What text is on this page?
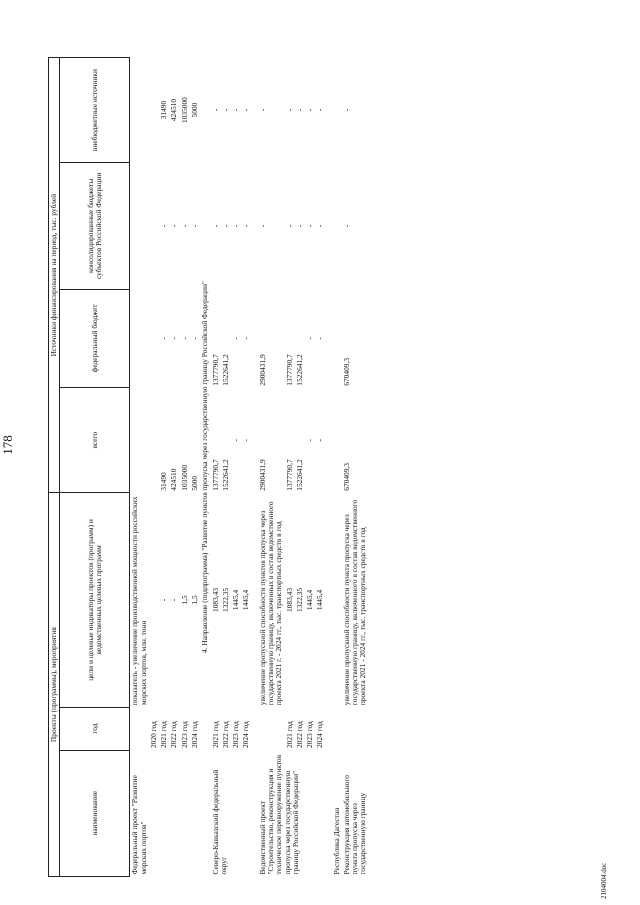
178
Проекты (программы), мероприятия			Источники финансирования на период, тыс. рублей			
наименование	год	цели и целевые индикаторы проектов (программ) и ведомственных целевых программ	всего	федеральный бюджет	консолидированные бюджеты субъектов Российской Федерации	внебюджетные источники
Федеральный проект "Развитие морских портов"		показатель - увеличение производственной мощности российских морских портов, млн. тонн				
	2020 год					
	2021 год	-	31490	-	-	31490
	2022 год	-	424510	-	-	424510
	2023 год	1,5	1035000	-	-	1035000
	2024 год	1,5	5000	-	-	5000
4. Направление (подпрограмма) "Развитие пунктов пропуска через государственную границу Российской Федерации"						
Северо-Кавказский федеральный округ	2021 год	1083,43	1377790,7	1377790,7	-	-
	2022 год	1322,35	1522641,2	1522641,2	-	-
	2023 год	1445,4	-	-	-	-
	2024 год	1445,4	-	-	-	-

Ведомственный проект "Строительство, реконструкция и техническое перевооружение пунктов пропуска через государственную границу Российской Федерации"		увеличение пропускной способности пунктов пропуска через государственную границу, включенных в состав ведомственного проекта 2021 г. - 2024 гг., тыс. транспортных средств в год	2900431,9	2900431,9	-	-
	2021 год	1083,43	1377790,7	1377790,7	-	-
	2022 год	1322,35	1522641,2	1522641,2	-	-
	2023 год	1445,4	-	-	-	-
	2024 год	1445,4	-	-	-	-

Республика Дагестан						
Реконструкция автомобильного пункта пропуска через государственную границу		увеличение пропускной способности пункта пропуска через государственную границу, включенного в состав ведомственного проекта 2021 - 2024 гг., тыс. транспортных средств в год	670409,3	670409,3	-	-
2104004.doc
